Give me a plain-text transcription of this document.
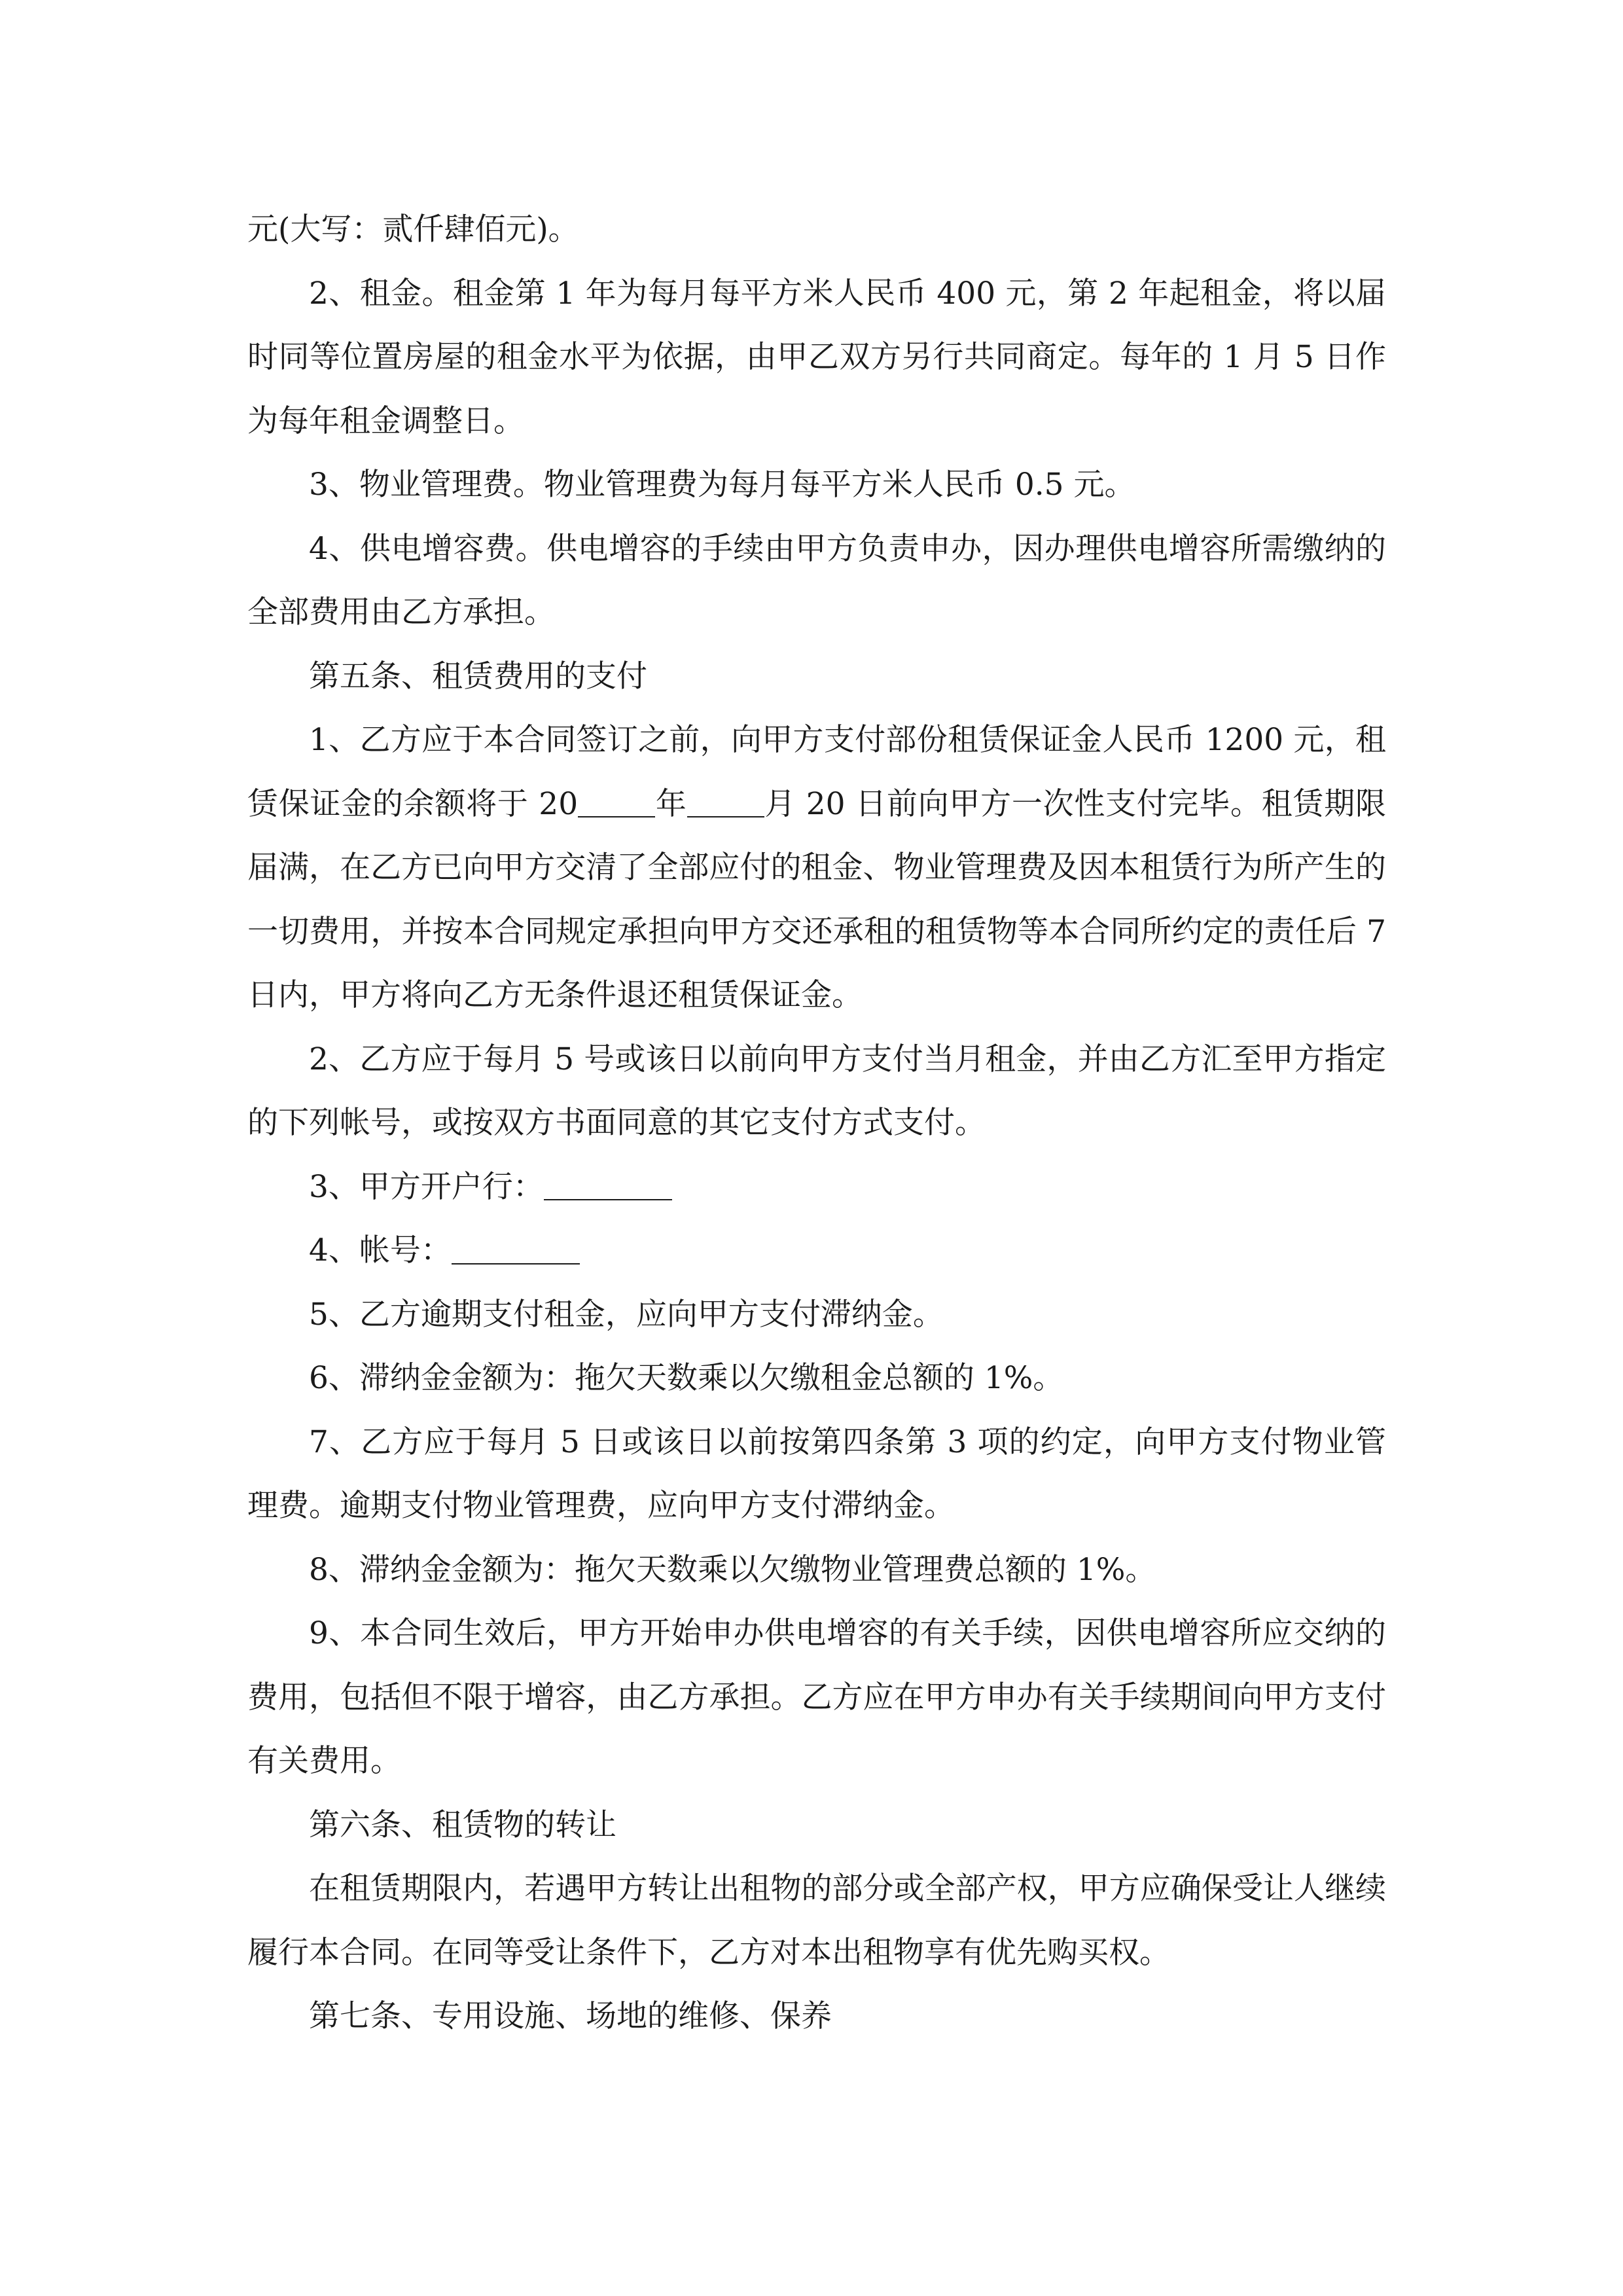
元(大写：贰仟肆佰元)。

2、租金。租金第 1 年为每月每平方米人民币 400 元，第 2 年起租金，将以届时同等位置房屋的租金水平为依据，由甲乙双方另行共同商定。每年的 1 月 5 日作为每年租金调整日。

3、物业管理费。物业管理费为每月每平方米人民币 0.5 元。

4、供电增容费。供电增容的手续由甲方负责申办，因办理供电增容所需缴纳的全部费用由乙方承担。

第五条、租赁费用的支付

1、乙方应于本合同签订之前，向甲方支付部份租赁保证金人民币 1200 元，租赁保证金的余额将于 20	年	月 20 日前向甲方一次性支付完毕。租赁期限届满，在乙方已向甲方交清了全部应付的租金、物业管理费及因本租赁行为所产生的一切费用，并按本合同规定承担向甲方交还承租的租赁物等本合同所约定的责任后 7 日内，甲方将向乙方无条件退还租赁保证金。

2、乙方应于每月 5 号或该日以前向甲方支付当月租金，并由乙方汇至甲方指定的下列帐号，或按双方书面同意的其它支付方式支付。

3、甲方开户行：

4、帐号：

5、乙方逾期支付租金，应向甲方支付滞纳金。

6、滞纳金金额为：拖欠天数乘以欠缴租金总额的 1%。

7、乙方应于每月 5 日或该日以前按第四条第 3 项的约定，向甲方支付物业管理费。逾期支付物业管理费，应向甲方支付滞纳金。

8、滞纳金金额为：拖欠天数乘以欠缴物业管理费总额的 1%。

9、本合同生效后，甲方开始申办供电增容的有关手续，因供电增容所应交纳的费用，包括但不限于增容，由乙方承担。乙方应在甲方申办有关手续期间向甲方支付有关费用。

第六条、租赁物的转让

在租赁期限内，若遇甲方转让出租物的部分或全部产权，甲方应确保受让人继续履行本合同。在同等受让条件下，乙方对本出租物享有优先购买权。

第七条、专用设施、场地的维修、保养
